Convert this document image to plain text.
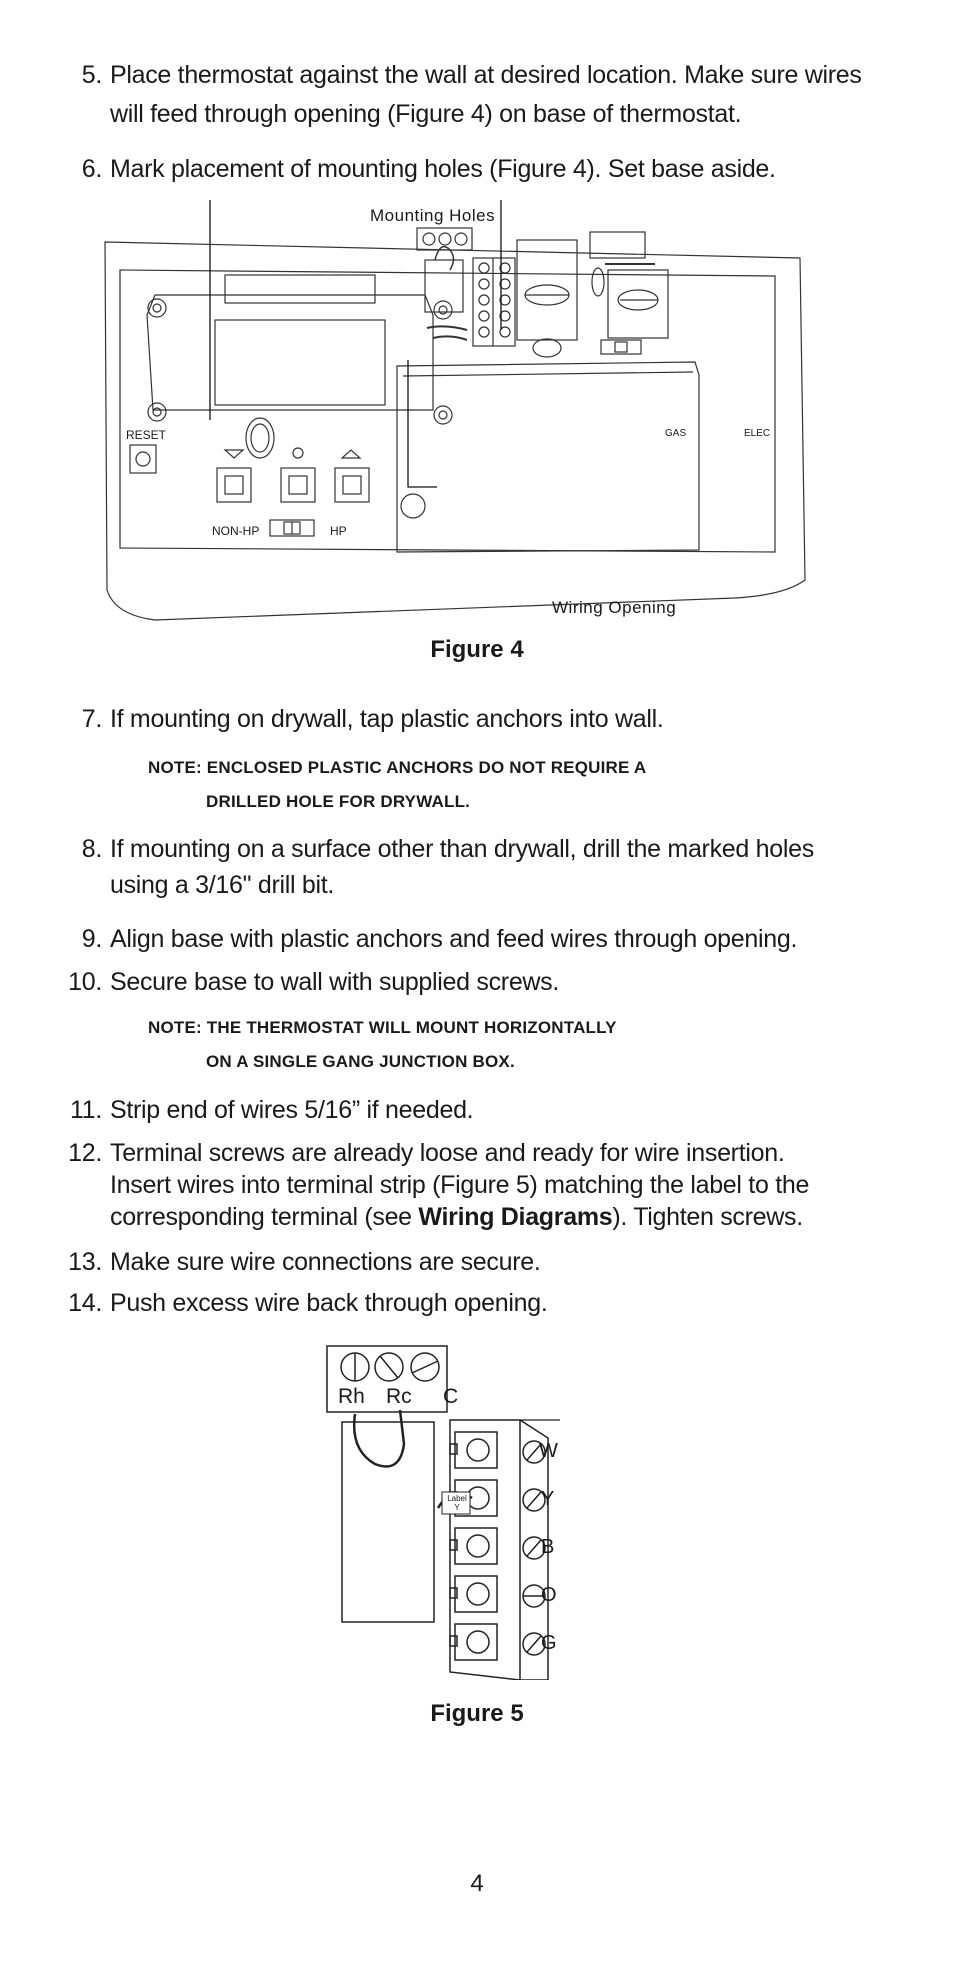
5. Place thermostat against the wall at desired location. Make sure wires
will feed through opening (Figure 4) on base of thermostat.
6. Mark placement of mounting holes (Figure 4). Set base aside.
Mounting Holes
Wiring Opening
RESET
NON-HP	HP
GAS	ELEC
Figure 4
7. If mounting on drywall, tap plastic anchors into wall.
NOTE: ENCLOSED PLASTIC ANCHORS DO NOT REQUIRE A
DRILLED HOLE FOR DRYWALL.
8. If mounting on a surface other than drywall, drill the marked holes
using a 3/16" drill bit.
9. Align base with plastic anchors and feed wires through opening.
10. Secure base to wall with supplied screws.
NOTE: THE THERMOSTAT WILL MOUNT HORIZONTALLY
ON A SINGLE GANG JUNCTION BOX.
11. Strip end of wires 5/16” if needed.
12. Terminal screws are already loose and ready for wire insertion.
Insert wires into terminal strip (Figure 5) matching the label to the
corresponding terminal (see Wiring Diagrams). Tighten screws.
13. Make sure wire connections are secure.
14. Push excess wire back through opening.
Rh Rc C
W
Y
B
O
G
Label
Y
Figure 5
4
